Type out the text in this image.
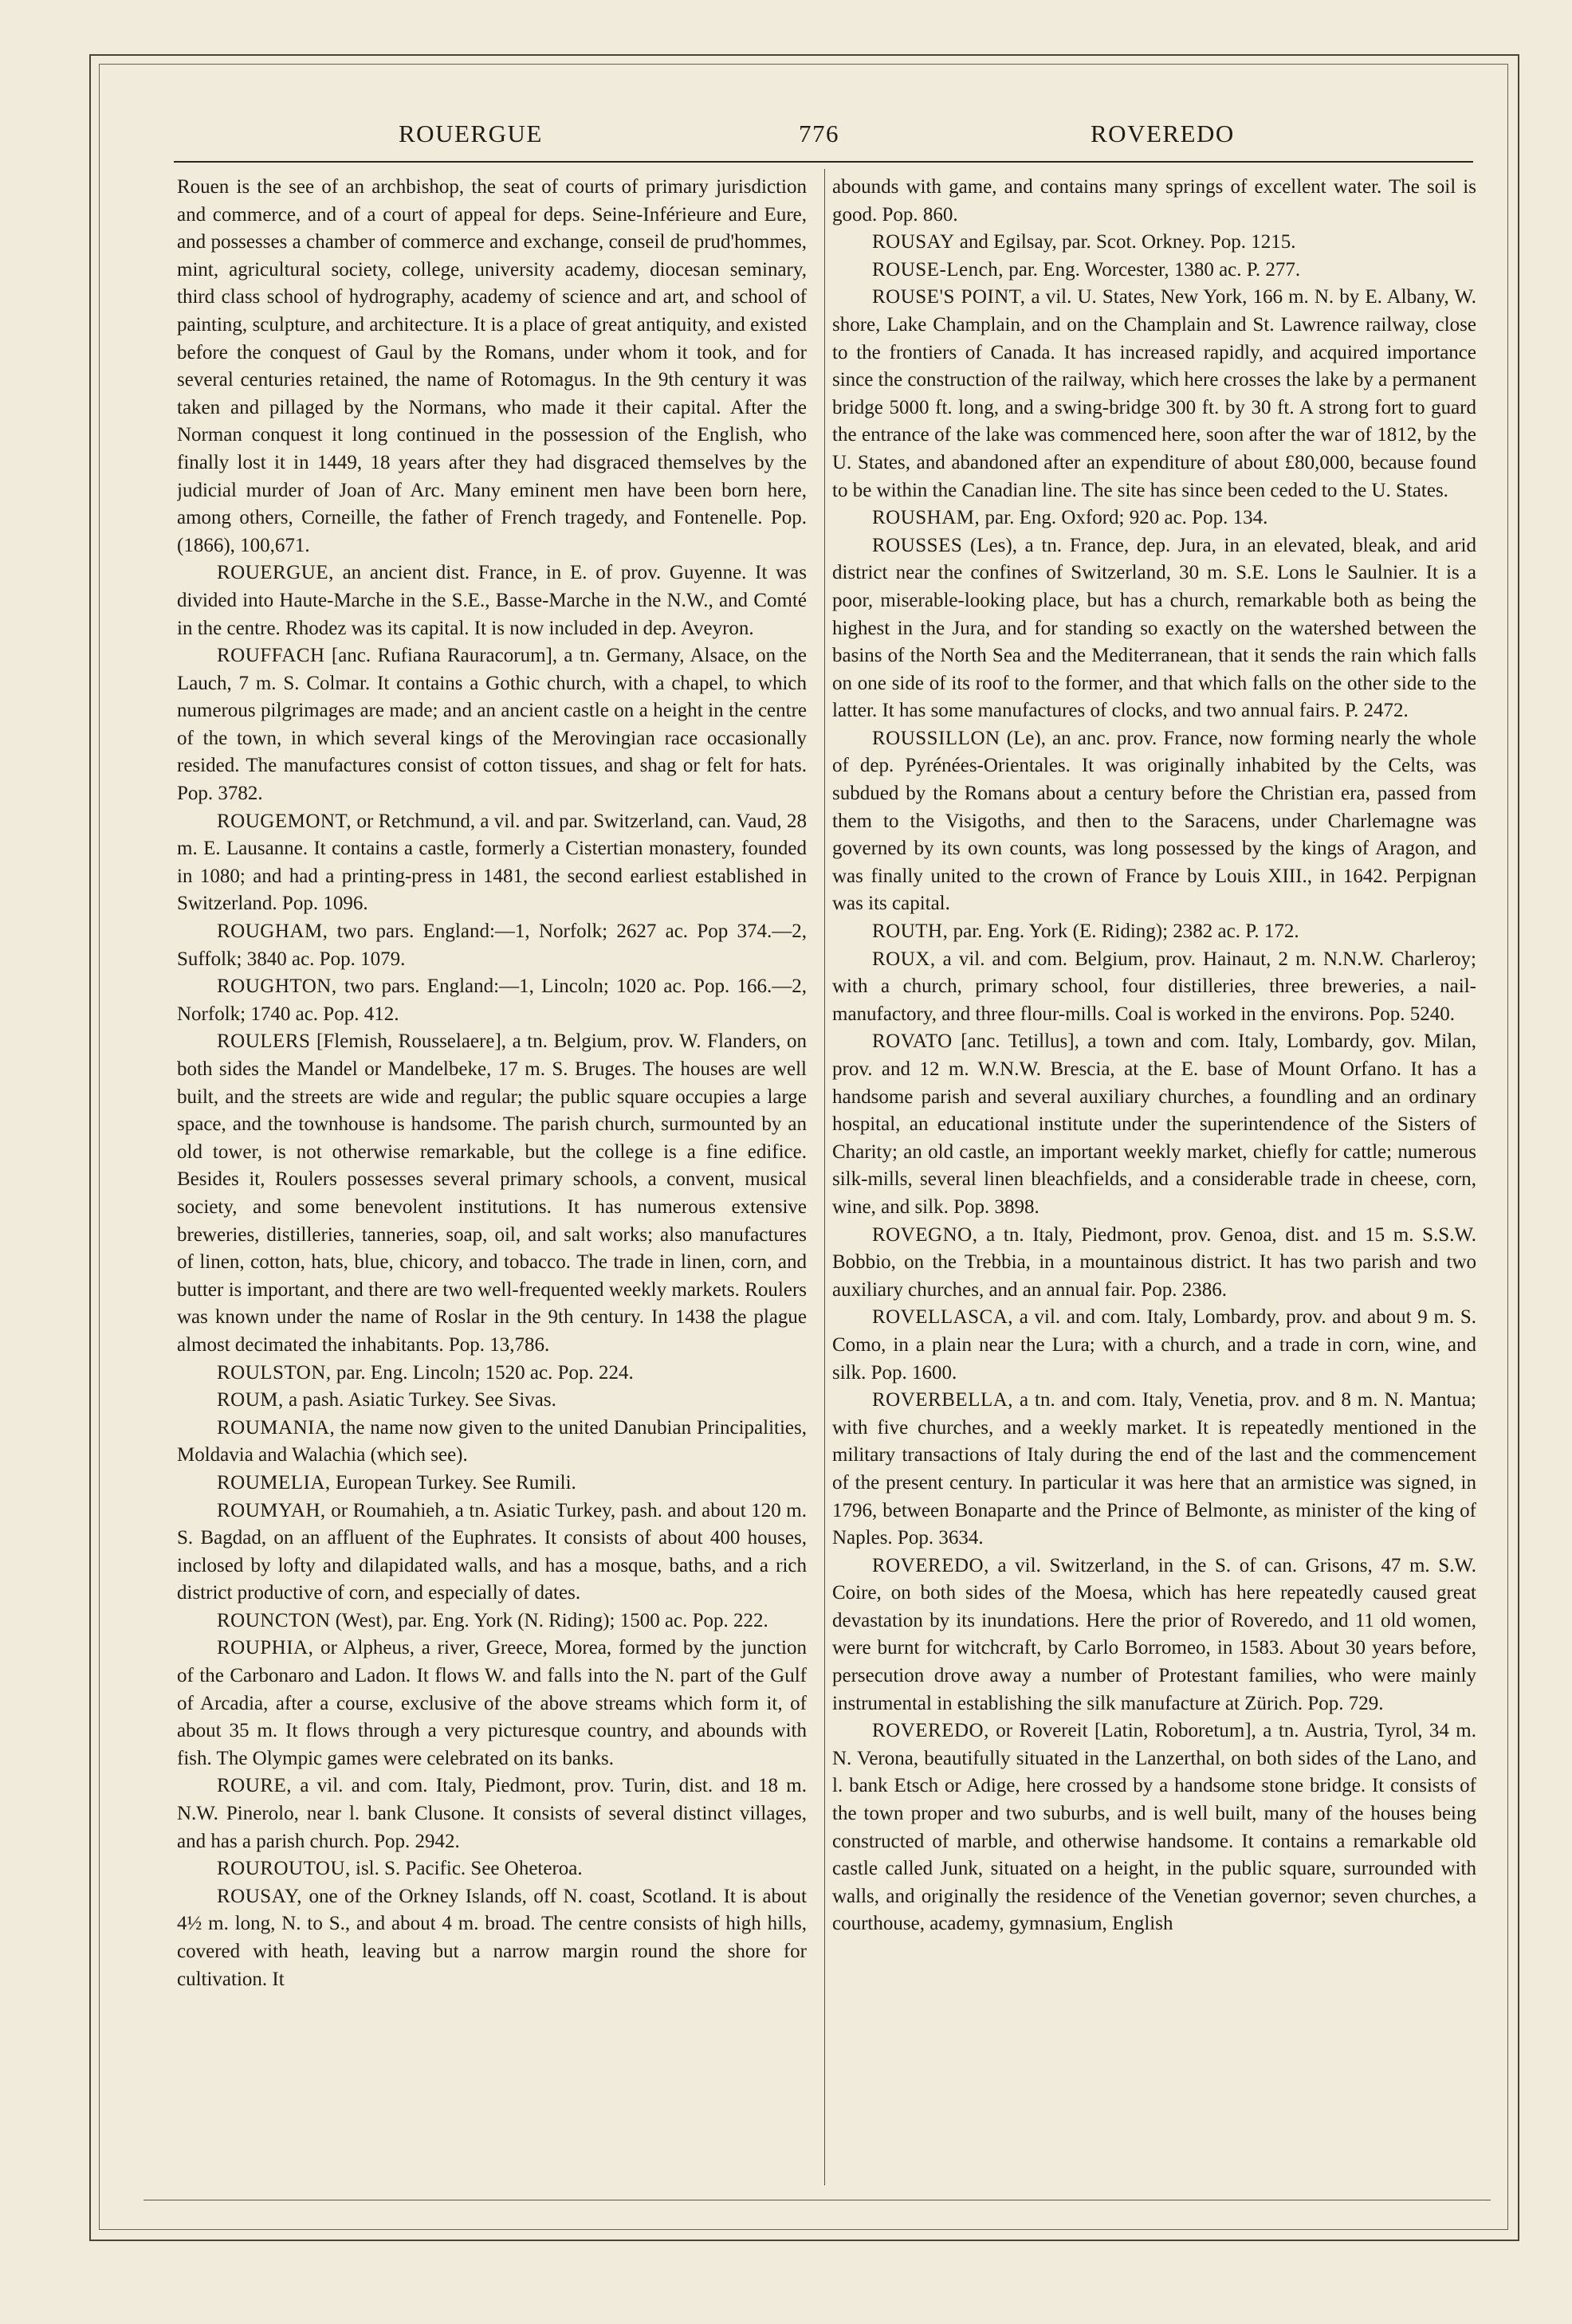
ROUERGUE	776	ROVEREDO

Rouen is the see of an archbishop, the seat of courts of primary jurisdiction and commerce, and of a court of appeal for deps. Seine-Inférieure and Eure, and possesses a chamber of commerce and exchange, conseil de prud'hommes, mint, agricultural society, college, university academy, diocesan seminary, third class school of hydrography, academy of science and art, and school of painting, sculpture, and architecture. It is a place of great antiquity, and existed before the conquest of Gaul by the Romans, under whom it took, and for several centuries retained, the name of Rotomagus. In the 9th century it was taken and pillaged by the Normans, who made it their capital. After the Norman conquest it long continued in the possession of the English, who finally lost it in 1449, 18 years after they had disgraced themselves by the judicial murder of Joan of Arc. Many eminent men have been born here, among others, Corneille, the father of French tragedy, and Fontenelle. Pop. (1866), 100,671.

ROUERGUE, an ancient dist. France, in E. of prov. Guyenne. It was divided into Haute-Marche in the S.E., Basse-Marche in the N.W., and Comté in the centre. Rhodez was its capital. It is now included in dep. Aveyron.

ROUFFACH [anc. Rufiana Rauracorum], a tn. Germany, Alsace, on the Lauch, 7 m. S. Colmar. It contains a Gothic church, with a chapel, to which numerous pilgrimages are made; and an ancient castle on a height in the centre of the town, in which several kings of the Merovingian race occasionally resided. The manufactures consist of cotton tissues, and shag or felt for hats. Pop. 3782.

ROUGEMONT, or Retchmund, a vil. and par. Switzerland, can. Vaud, 28 m. E. Lausanne. It contains a castle, formerly a Cistertian monastery, founded in 1080; and had a printing-press in 1481, the second earliest established in Switzerland. Pop. 1096.

ROUGHAM, two pars. England:—1, Norfolk; 2627 ac. Pop 374.—2, Suffolk; 3840 ac. Pop. 1079.

ROUGHTON, two pars. England:—1, Lincoln; 1020 ac. Pop. 166.—2, Norfolk; 1740 ac. Pop. 412.

ROULERS [Flemish, Rousselaere], a tn. Belgium, prov. W. Flanders, on both sides the Mandel or Mandelbeke, 17 m. S. Bruges. The houses are well built, and the streets are wide and regular; the public square occupies a large space, and the townhouse is handsome. The parish church, surmounted by an old tower, is not otherwise remarkable, but the college is a fine edifice. Besides it, Roulers possesses several primary schools, a convent, musical society, and some benevolent institutions. It has numerous extensive breweries, distilleries, tanneries, soap, oil, and salt works; also manufactures of linen, cotton, hats, blue, chicory, and tobacco. The trade in linen, corn, and butter is important, and there are two well-frequented weekly markets. Roulers was known under the name of Roslar in the 9th century. In 1438 the plague almost decimated the inhabitants. Pop. 13,786.

ROULSTON, par. Eng. Lincoln; 1520 ac. Pop. 224.

ROUM, a pash. Asiatic Turkey. See Sivas.

ROUMANIA, the name now given to the united Danubian Principalities, Moldavia and Walachia (which see).

ROUMELIA, European Turkey. See Rumili.

ROUMYAH, or Roumahieh, a tn. Asiatic Turkey, pash. and about 120 m. S. Bagdad, on an affluent of the Euphrates. It consists of about 400 houses, inclosed by lofty and dilapidated walls, and has a mosque, baths, and a rich district productive of corn, and especially of dates.

ROUNCTON (West), par. Eng. York (N. Riding); 1500 ac. Pop. 222.

ROUPHIA, or Alpheus, a river, Greece, Morea, formed by the junction of the Carbonaro and Ladon. It flows W. and falls into the N. part of the Gulf of Arcadia, after a course, exclusive of the above streams which form it, of about 35 m. It flows through a very picturesque country, and abounds with fish. The Olympic games were celebrated on its banks.

ROURE, a vil. and com. Italy, Piedmont, prov. Turin, dist. and 18 m. N.W. Pinerolo, near l. bank Clusone. It consists of several distinct villages, and has a parish church. Pop. 2942.

ROUROUTOU, isl. S. Pacific. See Oheteroa.

ROUSAY, one of the Orkney Islands, off N. coast, Scotland. It is about 4½ m. long, N. to S., and about 4 m. broad. The centre consists of high hills, covered with heath, leaving but a narrow margin round the shore for cultivation. It

abounds with game, and contains many springs of excellent water. The soil is good. Pop. 860.

ROUSAY and Egilsay, par. Scot. Orkney. Pop. 1215.

ROUSE-Lench, par. Eng. Worcester, 1380 ac. P. 277.

ROUSE'S POINT, a vil. U. States, New York, 166 m. N. by E. Albany, W. shore, Lake Champlain, and on the Champlain and St. Lawrence railway, close to the frontiers of Canada. It has increased rapidly, and acquired importance since the construction of the railway, which here crosses the lake by a permanent bridge 5000 ft. long, and a swing-bridge 300 ft. by 30 ft. A strong fort to guard the entrance of the lake was commenced here, soon after the war of 1812, by the U. States, and abandoned after an expenditure of about £80,000, because found to be within the Canadian line. The site has since been ceded to the U. States.

ROUSHAM, par. Eng. Oxford; 920 ac. Pop. 134.

ROUSSES (Les), a tn. France, dep. Jura, in an elevated, bleak, and arid district near the confines of Switzerland, 30 m. S.E. Lons le Saulnier. It is a poor, miserable-looking place, but has a church, remarkable both as being the highest in the Jura, and for standing so exactly on the watershed between the basins of the North Sea and the Mediterranean, that it sends the rain which falls on one side of its roof to the former, and that which falls on the other side to the latter. It has some manufactures of clocks, and two annual fairs. P. 2472.

ROUSSILLON (Le), an anc. prov. France, now forming nearly the whole of dep. Pyrénées-Orientales. It was originally inhabited by the Celts, was subdued by the Romans about a century before the Christian era, passed from them to the Visigoths, and then to the Saracens, under Charlemagne was governed by its own counts, was long possessed by the kings of Aragon, and was finally united to the crown of France by Louis XIII., in 1642. Perpignan was its capital.

ROUTH, par. Eng. York (E. Riding); 2382 ac. P. 172.

ROUX, a vil. and com. Belgium, prov. Hainaut, 2 m. N.N.W. Charleroy; with a church, primary school, four distilleries, three breweries, a nail-manufactory, and three flour-mills. Coal is worked in the environs. Pop. 5240.

ROVATO [anc. Tetillus], a town and com. Italy, Lombardy, gov. Milan, prov. and 12 m. W.N.W. Brescia, at the E. base of Mount Orfano. It has a handsome parish and several auxiliary churches, a foundling and an ordinary hospital, an educational institute under the superintendence of the Sisters of Charity; an old castle, an important weekly market, chiefly for cattle; numerous silk-mills, several linen bleachfields, and a considerable trade in cheese, corn, wine, and silk. Pop. 3898.

ROVEGNO, a tn. Italy, Piedmont, prov. Genoa, dist. and 15 m. S.S.W. Bobbio, on the Trebbia, in a mountainous district. It has two parish and two auxiliary churches, and an annual fair. Pop. 2386.

ROVELLASCA, a vil. and com. Italy, Lombardy, prov. and about 9 m. S. Como, in a plain near the Lura; with a church, and a trade in corn, wine, and silk. Pop. 1600.

ROVERBELLA, a tn. and com. Italy, Venetia, prov. and 8 m. N. Mantua; with five churches, and a weekly market. It is repeatedly mentioned in the military transactions of Italy during the end of the last and the commencement of the present century. In particular it was here that an armistice was signed, in 1796, between Bonaparte and the Prince of Belmonte, as minister of the king of Naples. Pop. 3634.

ROVEREDO, a vil. Switzerland, in the S. of can. Grisons, 47 m. S.W. Coire, on both sides of the Moesa, which has here repeatedly caused great devastation by its inundations. Here the prior of Roveredo, and 11 old women, were burnt for witchcraft, by Carlo Borromeo, in 1583. About 30 years before, persecution drove away a number of Protestant families, who were mainly instrumental in establishing the silk manufacture at Zürich. Pop. 729.

ROVEREDO, or Rovereit [Latin, Roboretum], a tn. Austria, Tyrol, 34 m. N. Verona, beautifully situated in the Lanzerthal, on both sides of the Lano, and l. bank Etsch or Adige, here crossed by a handsome stone bridge. It consists of the town proper and two suburbs, and is well built, many of the houses being constructed of marble, and otherwise handsome. It contains a remarkable old castle called Junk, situated on a height, in the public square, surrounded with walls, and originally the residence of the Venetian governor; seven churches, a courthouse, academy, gymnasium, English
